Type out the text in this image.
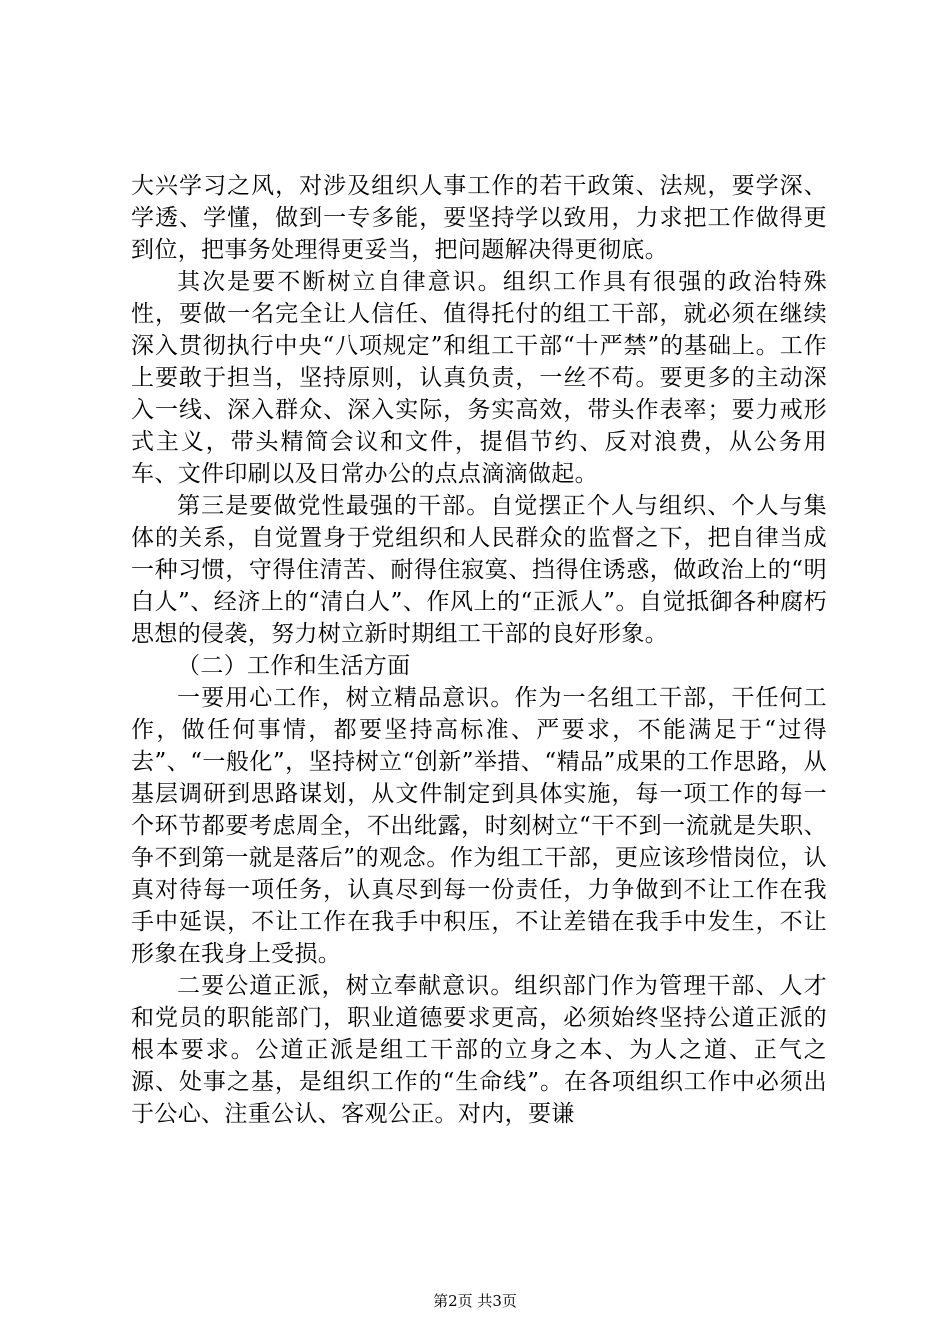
大兴学习之风，对涉及组织人事工作的若干政策、法规，要学深、学透、学懂，做到一专多能，要坚持学以致用，力求把工作做得更到位，把事务处理得更妥当，把问题解决得更彻底。

其次是要不断树立自律意识。组织工作具有很强的政治特殊性，要做一名完全让人信任、值得托付的组工干部，就必须在继续深入贯彻执行中央“八项规定”和组工干部“十严禁”的基础上。工作上要敢于担当，坚持原则，认真负责，一丝不苟。要更多的主动深入一线、深入群众、深入实际，务实高效，带头作表率；要力戒形式主义，带头精简会议和文件，提倡节约、反对浪费，从公务用车、文件印刷以及日常办公的点点滴滴做起。

第三是要做党性最强的干部。自觉摆正个人与组织、个人与集体的关系，自觉置身于党组织和人民群众的监督之下，把自律当成一种习惯，守得住清苦、耐得住寂寞、挡得住诱惑，做政治上的“明白人”、经济上的“清白人”、作风上的“正派人”。自觉抵御各种腐朽思想的侵袭，努力树立新时期组工干部的良好形象。

（二）工作和生活方面

一要用心工作，树立精品意识。作为一名组工干部，干任何工作，做任何事情，都要坚持高标准、严要求，不能满足于“过得去”、“一般化”，坚持树立“创新”举措、“精品”成果的工作思路，从基层调研到思路谋划，从文件制定到具体实施，每一项工作的每一个环节都要考虑周全，不出纰露，时刻树立“干不到一流就是失职、争不到第一就是落后”的观念。作为组工干部，更应该珍惜岗位，认真对待每一项任务，认真尽到每一份责任，力争做到不让工作在我手中延误，不让工作在我手中积压，不让差错在我手中发生，不让形象在我身上受损。

二要公道正派，树立奉献意识。组织部门作为管理干部、人才和党员的职能部门，职业道德要求更高，必须始终坚持公道正派的根本要求。公道正派是组工干部的立身之本、为人之道、正气之源、处事之基，是组织工作的“生命线”。在各项组织工作中必须出于公心、注重公认、客观公正。对内，要谦

第2页 共3页
